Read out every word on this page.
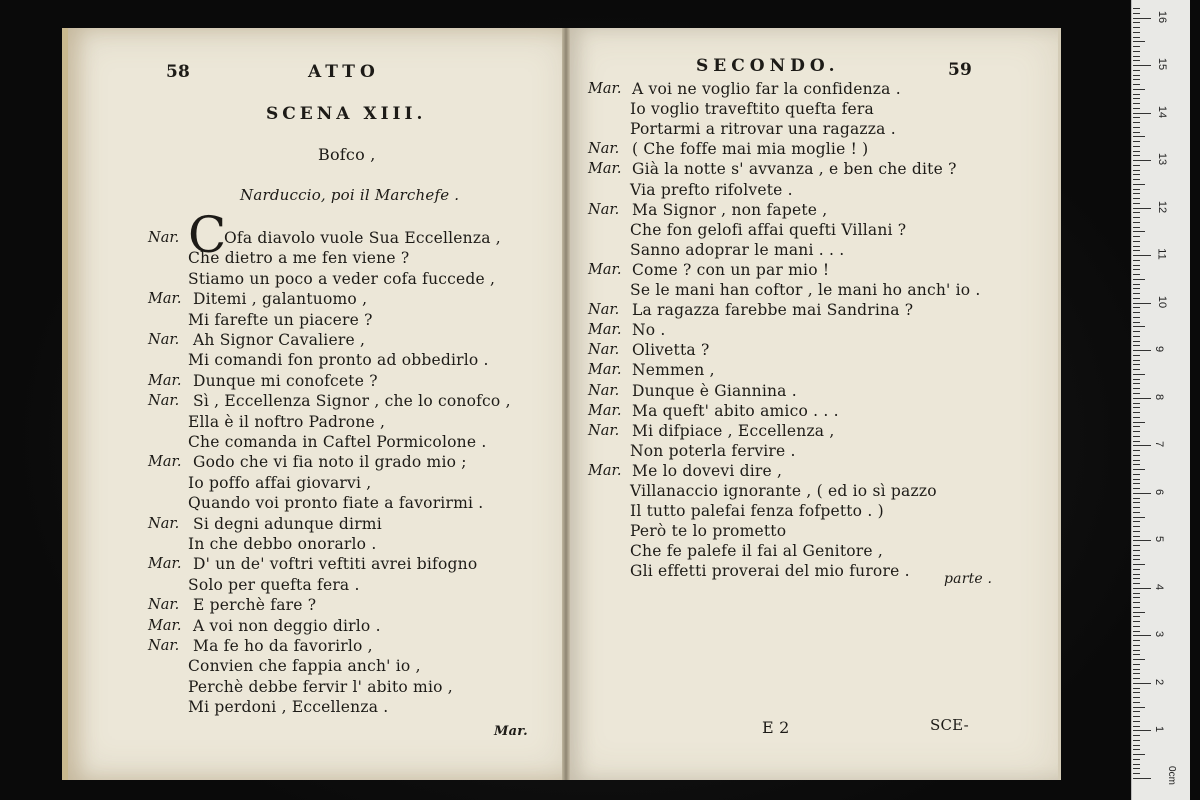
58	ATTO
SCENA XIII.
Bofco ,
Narduccio, poi il Marchefe .
C
Nar.	Ofa diavolo vuole Sua Eccellenza ,
Che dietro a me fen viene ?
Stiamo un poco a veder cofa fuccede ,
Mar. Ditemi , galantuomo ,
Mi farefte un piacere ?
Nar. Ah Signor Cavaliere ,
Mi comandi fon pronto ad obbedirlo .
Mar. Dunque mi conofcete ?
Nar. Sì , Eccellenza Signor , che lo conofco ,
Ella è il noftro Padrone ,
Che comanda in Caftel Pormicolone .
Mar. Godo che vi fia noto il grado mio ;
Io poffo affai giovarvi ,
Quando voi pronto fiate a favorirmi .
Nar. Si degni adunque dirmi
In che debbo onorarlo .
Mar. D' un de' voftri veftiti avrei bifogno
Solo per quefta fera .
Nar. E perchè fare ?
Mar. A voi non deggio dirlo .
Nar. Ma fe ho da favorirlo ,
Convien che fappia anch' io ,
Perchè debbe fervir l' abito mio ,
Mi perdoni , Eccellenza .
SECONDO.	59
parte .
E 2	SCE-
Mar. A voi ne voglio far la confidenza .
Io voglio traveftito quefta fera
Portarmi a ritrovar una ragazza .
Nar. ( Che foffe mai mia moglie ! )
Mar. Già la notte s' avvanza , e ben che dite ?
Via prefto rifolvete .
Nar. Ma Signor , non fapete ,
Che fon gelofi affai quefti Villani ?
Sanno adoprar le mani . . .
Mar. Come ? con un par mio !
Se le mani han coftor , le mani ho anch' io .
Nar. La ragazza farebbe mai Sandrina ?
Mar. No .
Nar. Olivetta ?
Mar. Nemmen ,
Nar. Dunque è Giannina .
Mar. Ma queft' abito amico . . .
Nar. Mi difpiace , Eccellenza ,
Non poterla fervire .
Mar. Me lo dovevi dire ,
Villanaccio ignorante , ( ed io sì pazzo
Il tutto palefai fenza fofpetto . )
Però te lo prometto
Che fe palefe il fai al Genitore ,
Gli effetti proverai del mio furore .
Mar.	1
2
3
4
5
6
7
8
9
10
11
12
13
14
15
16
0cm
